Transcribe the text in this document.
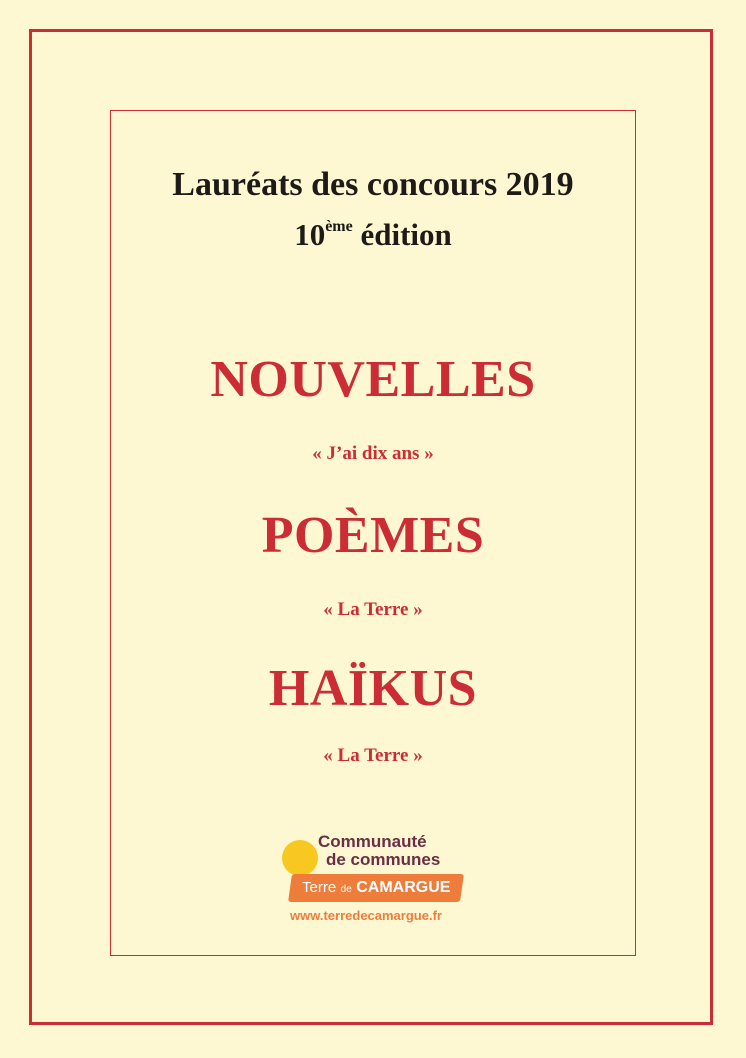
Lauréats des concours 2019
10ème édition
NOUVELLES
« J’ai dix ans »
POÈMES
« La Terre »
HAÏKUS
« La Terre »
Communauté
de communes
Terre de CAMARGUE
www.terredecamargue.fr
